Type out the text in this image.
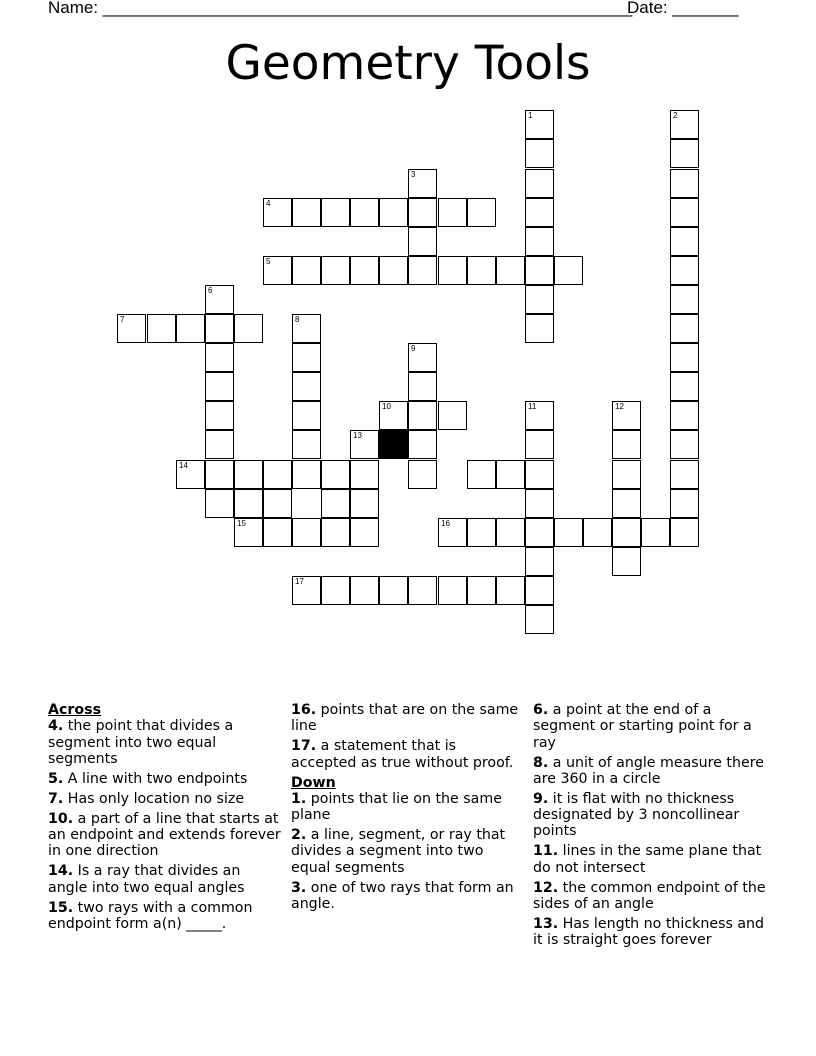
Name: ________________________________________________________
Date: _______
Geometry Tools
1	2
3
4
5
6
7	8
9
10	11	12
13
14
15	16
17
Across
4. the point that divides a segment into two equal segments
5. A line with two endpoints
7. Has only location no size
10. a part of a line that starts at an endpoint and extends forever in one direction
14. Is a ray that divides an angle into two equal angles
15. two rays with a common endpoint form a(n) _____.
16. points that are on the same line
17. a statement that is accepted as true without proof.
Down
1. points that lie on the same plane
2. a line, segment, or ray that divides a segment into two equal segments
3. one of two rays that form an angle.
6. a point at the end of a segment or starting point for a ray
8. a unit of angle measure there are 360 in a circle
9. it is flat with no thickness designated by 3 noncollinear points
11. lines in the same plane that do not intersect
12. the common endpoint of the sides of an angle
13. Has length no thickness and it is straight goes forever
